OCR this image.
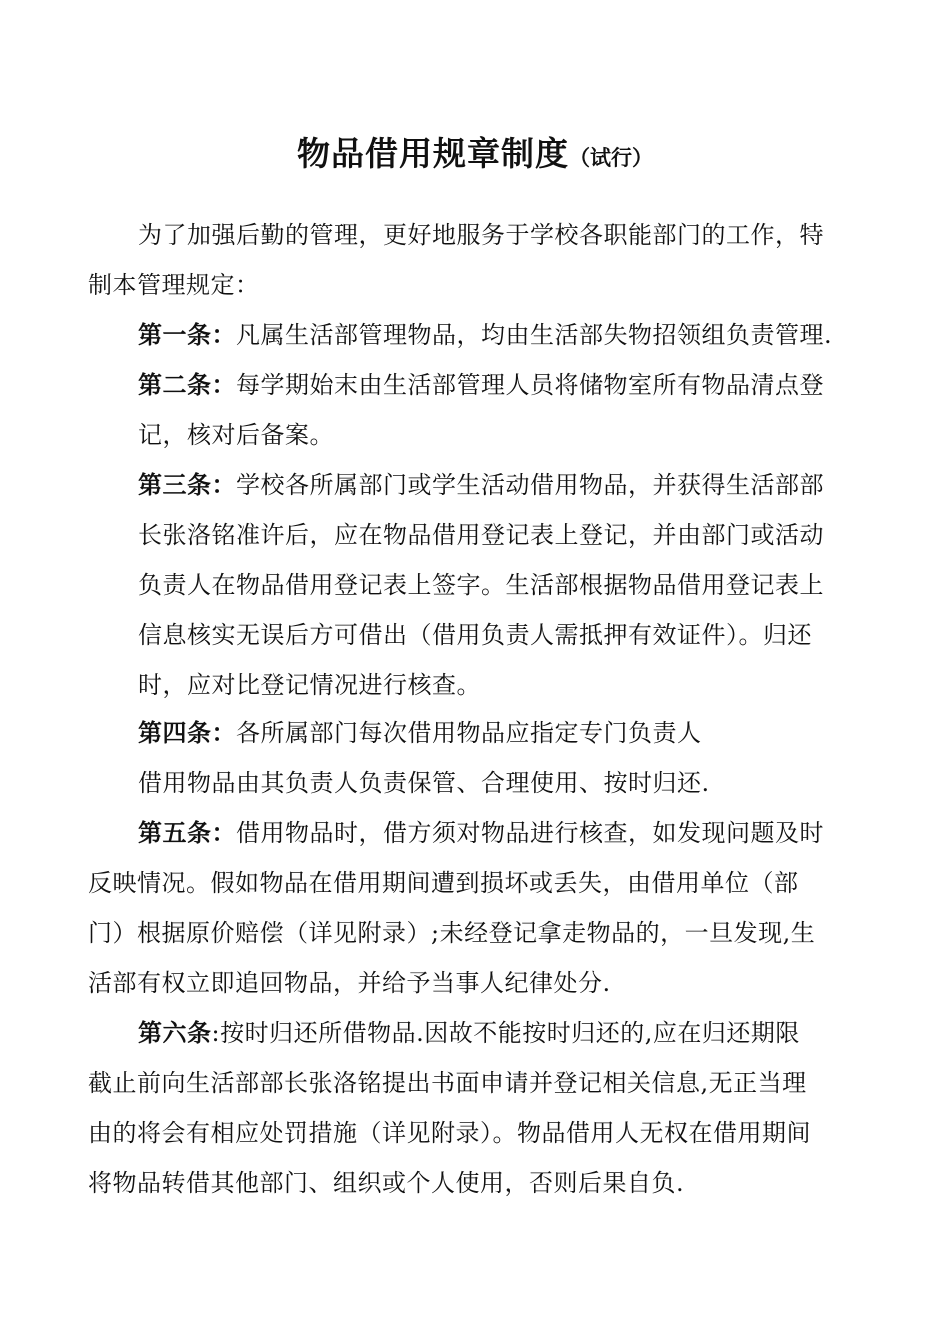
物品借用规章制度（试行）
为了加强后勤的管理，更好地服务于学校各职能部门的工作，特
制本管理规定：
第一条：凡属生活部管理物品，均由生活部失物招领组负责管理.
第二条：每学期始末由生活部管理人员将储物室所有物品清点登
记，核对后备案。
第三条：学校各所属部门或学生活动借用物品，并获得生活部部
长张洛铭准许后，应在物品借用登记表上登记，并由部门或活动
负责人在物品借用登记表上签字。生活部根据物品借用登记表上
信息核实无误后方可借出（借用负责人需抵押有效证件）。归还
时，应对比登记情况进行核查。
第四条：各所属部门每次借用物品应指定专门负责人
借用物品由其负责人负责保管、合理使用、按时归还.
第五条：借用物品时，借方须对物品进行核查，如发现问题及时
反映情况。假如物品在借用期间遭到损坏或丢失，由借用单位（部
门）根据原价赔偿（详见附录）;未经登记拿走物品的，一旦发现,生
活部有权立即追回物品，并给予当事人纪律处分.
第六条:按时归还所借物品.因故不能按时归还的,应在归还期限
截止前向生活部部长张洛铭提出书面申请并登记相关信息,无正当理
由的将会有相应处罚措施（详见附录）。物品借用人无权在借用期间
将物品转借其他部门、组织或个人使用，否则后果自负.
